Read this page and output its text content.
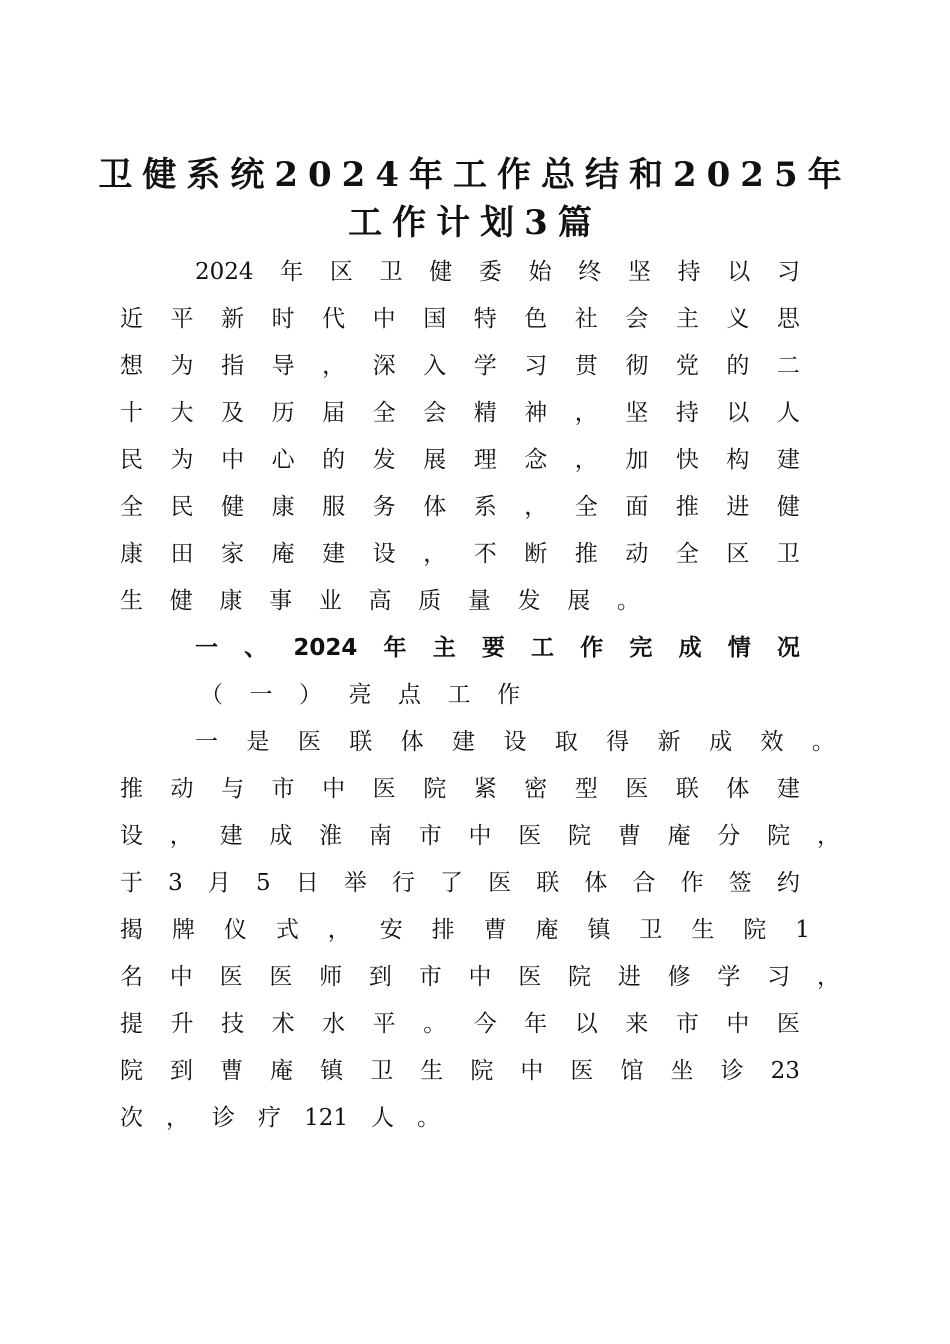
卫健系统2024年工作总结和2025年
工作计划3篇
2024 年 区 卫 健 委 始 终 坚 持 以 习
近 平 新 时 代 中 国 特 色 社 会 主 义 思
想 为 指 导 ， 深 入 学 习 贯 彻 党 的 二
十 大 及 历 届 全 会 精 神 ， 坚 持 以 人
民 为 中 心 的 发 展 理 念 ， 加 快 构 建
全 民 健 康 服 务 体 系 ， 全 面 推 进 健
康 田 家 庵 建 设 ， 不 断 推 动 全 区 卫
生 健 康 事 业 高 质 量 发 展 。
一 、 2024 年 主 要 工 作 完 成 情 况
（ 一 ） 亮 点 工 作
一 是 医 联 体 建 设 取 得 新 成 效 。
推 动 与 市 中 医 院 紧 密 型 医 联 体 建
设 ， 建 成 淮 南 市 中 医 院 曹 庵 分 院 ，
于 3 月 5 日 举 行 了 医 联 体 合 作 签 约
揭 牌 仪 式 ， 安 排 曹 庵 镇 卫 生 院 1
名 中 医 医 师 到 市 中 医 院 进 修 学 习 ，
提 升 技 术 水 平 。 今 年 以 来 市 中 医
院 到 曹 庵 镇 卫 生 院 中 医 馆 坐 诊 23
次 ， 诊 疗 121 人 。
